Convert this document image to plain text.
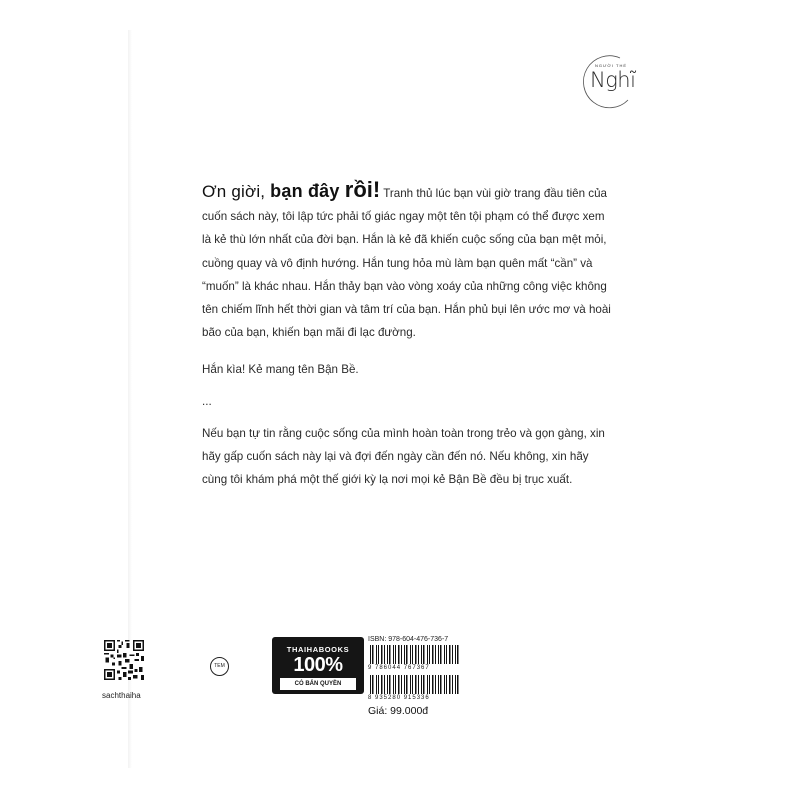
NGƯỜI THỂ
Nghĩ

Ơn giời, bạn đây rồi! Tranh thủ lúc bạn vùi giờ trang đầu tiên của cuốn sách này, tôi lập tức phải tố giác ngay một tên tội phạm có thể được xem là kẻ thù lớn nhất của đời bạn. Hắn là kẻ đã khiến cuộc sống của bạn mệt mỏi, cuồng quay và vô định hướng. Hắn tung hỏa mù làm bạn quên mất “cần” và “muốn” là khác nhau. Hắn thảy bạn vào vòng xoáy của những công việc không tên chiếm lĩnh hết thời gian và tâm trí của bạn. Hắn phủ bụi lên ước mơ và hoài bão của bạn, khiến bạn mãi đi lạc đường.

Hắn kìa! Kẻ mang tên Bận Bề.

...

Nếu bạn tự tin rằng cuộc sống của mình hoàn toàn trong trẻo và gọn gàng, xin hãy gấp cuốn sách này lại và đợi đến ngày cần đến nó. Nếu không, xin hãy cùng tôi khám phá một thế giới kỳ lạ nơi mọi kẻ Bận Bề đều bị trục xuất.

sachthaiha
TEM
THAIHABOOKS
100%
CÓ BẢN QUYỀN
ISBN: 978-604-476-736-7
9 786044 767367
8 935280 915336
Giá: 99.000đ
